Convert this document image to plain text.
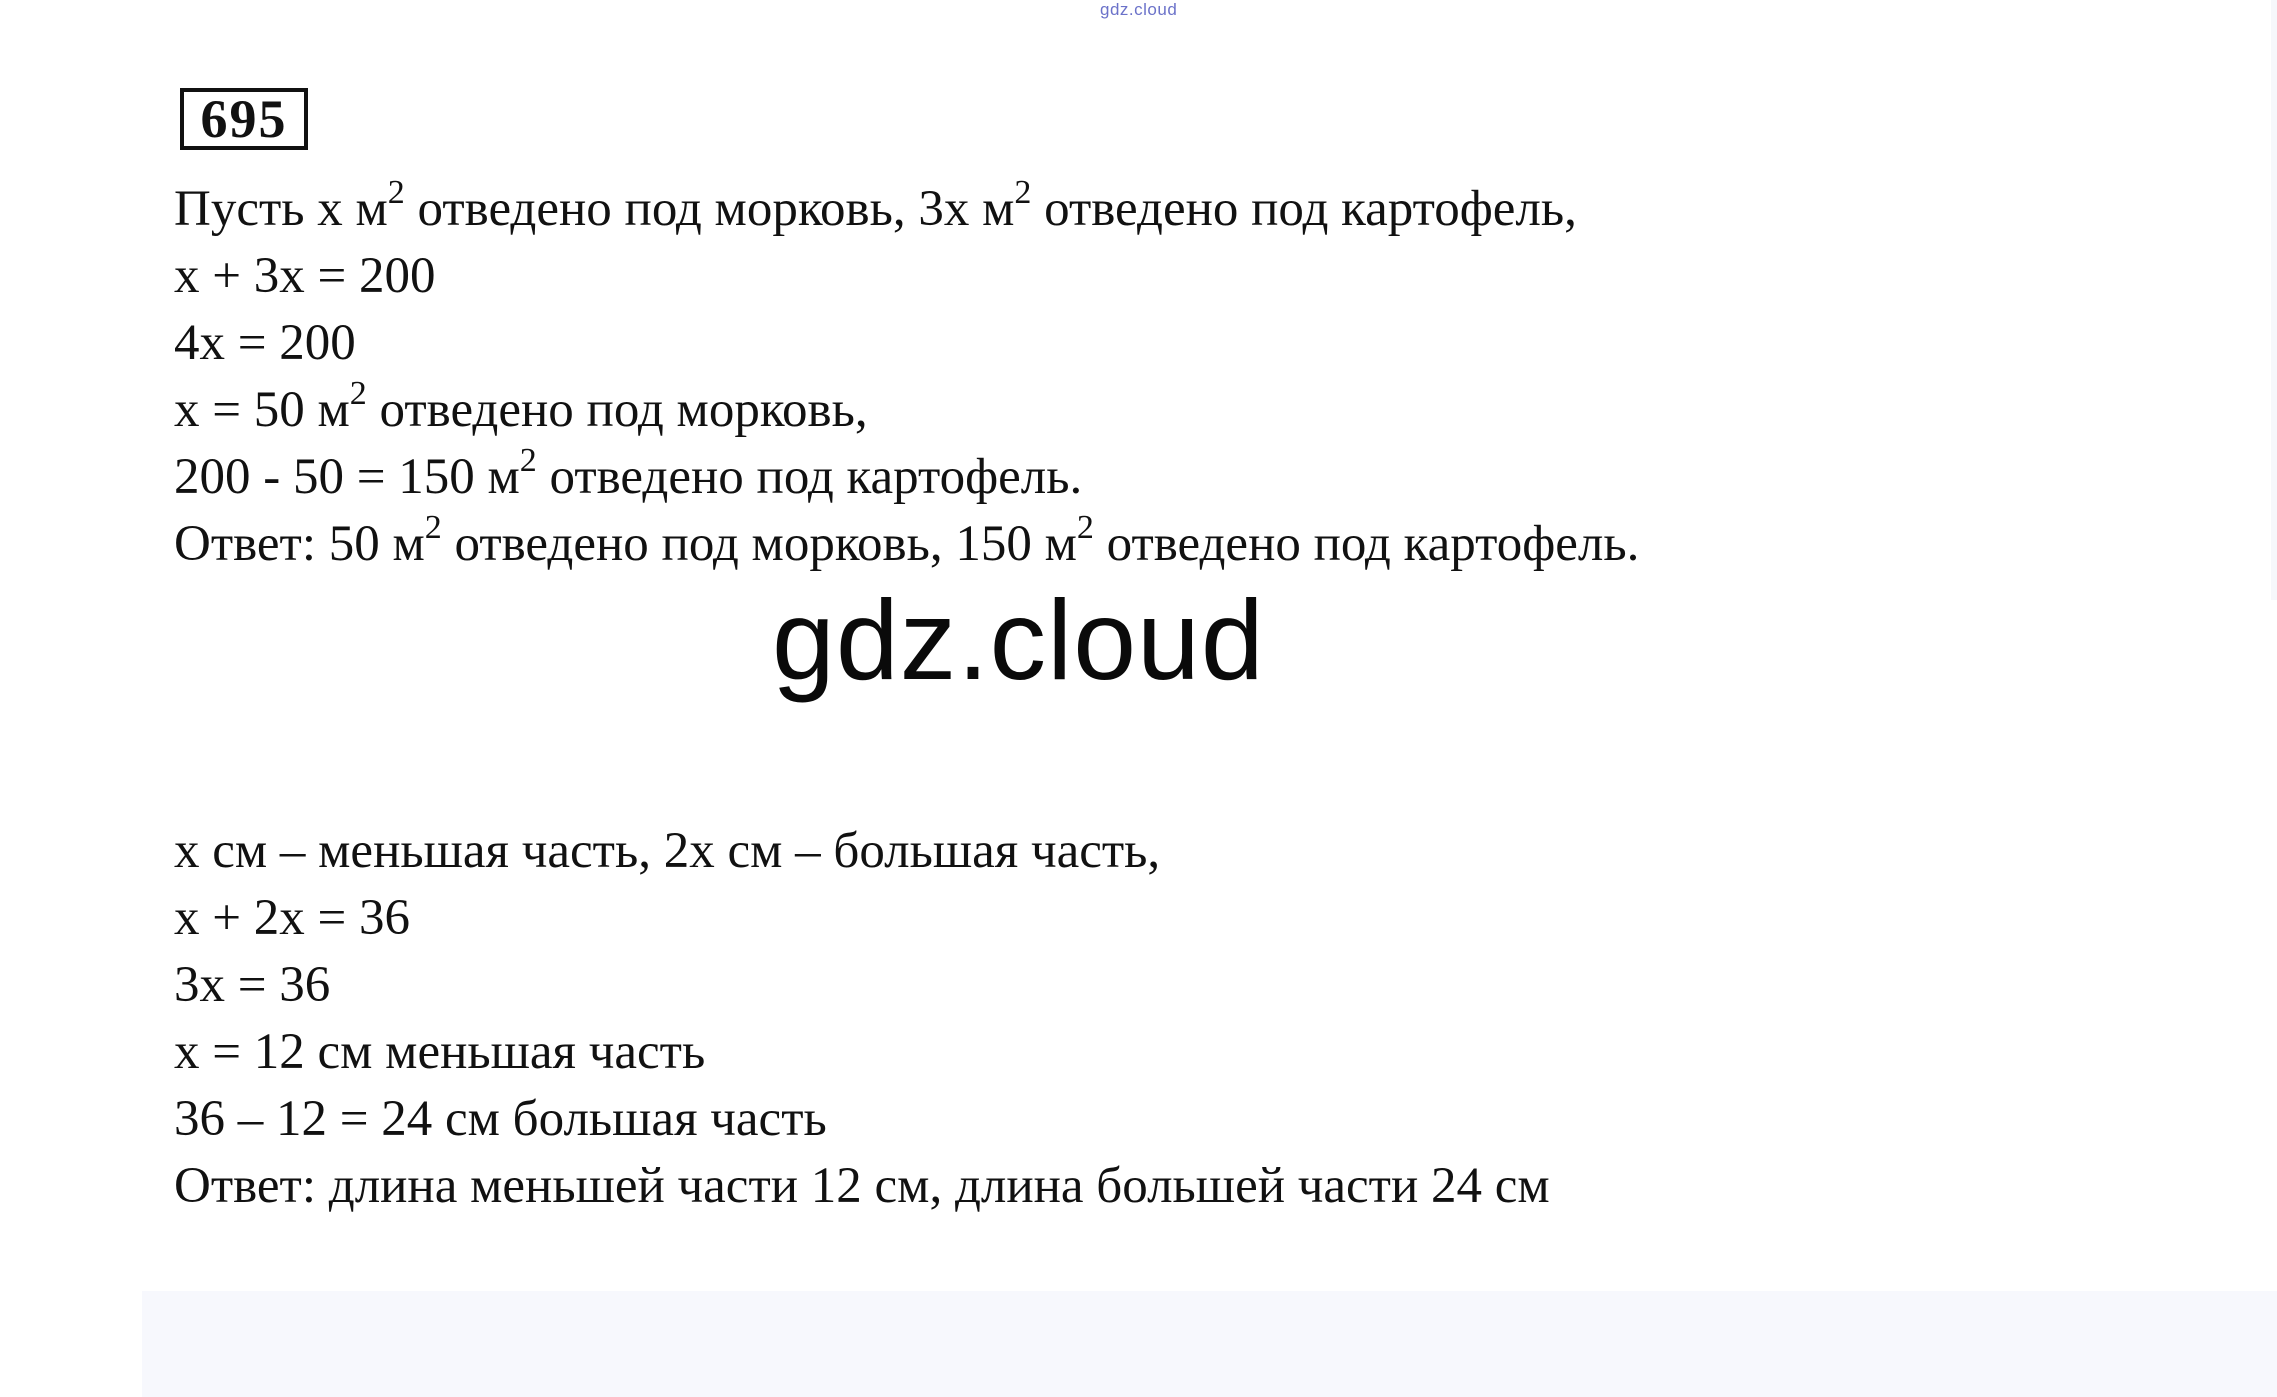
gdz.cloud
695
Пусть x $м^2$ отведено под морковь, 3x $м^2$ отведено под картофель,
x + 3x = 200
4x = 200
x = 50 $м^2$ отведено под морковь,
200 - 50 = 150 $м^2$ отведено под картофель.
Ответ: 50 $м^2$ отведено под морковь, 150 $м^2$ отведено под картофель.
gdz.cloud
x см – меньшая часть, 2x см – большая часть,
x + 2x = 36
3x = 36
x = 12 см меньшая часть
36 – 12 = 24 см большая часть
Ответ: длина меньшей части 12 см, длина большей части 24 см
